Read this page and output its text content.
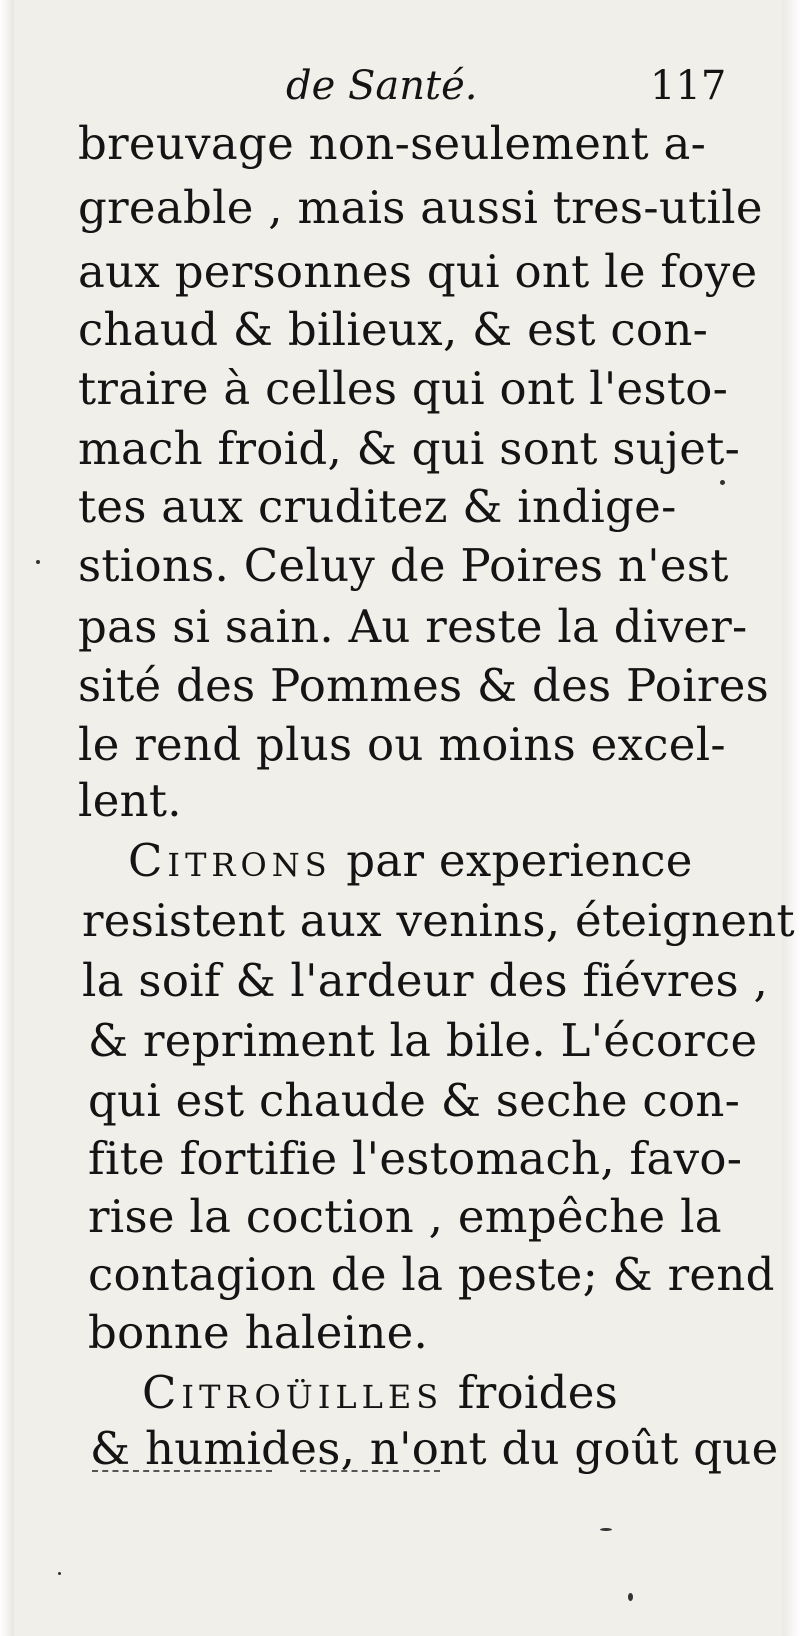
de Santé.	117
breuvage non-seulement a-
greable , mais aussi tres-utile
aux personnes qui ont le foye
chaud & bilieux, & est con-
traire à celles qui ont l'esto-
mach froid, & qui sont sujet-
tes aux cruditez & indige-
stions. Celuy de Poires n'est
pas si sain. Au reste la diver-
sité des Pommes & des Poires
le rend plus ou moins excel-
lent.
Citrons par experience
resistent aux venins, éteignent
la soif & l'ardeur des fiévres ,
& repriment la bile. L'écorce
qui est chaude & seche con-
fite fortifie l'estomach, favo-
rise la coction , empêche la
contagion de la peste; & rend
bonne haleine.
Citroüilles froides
& humides, n'ont du goût que
